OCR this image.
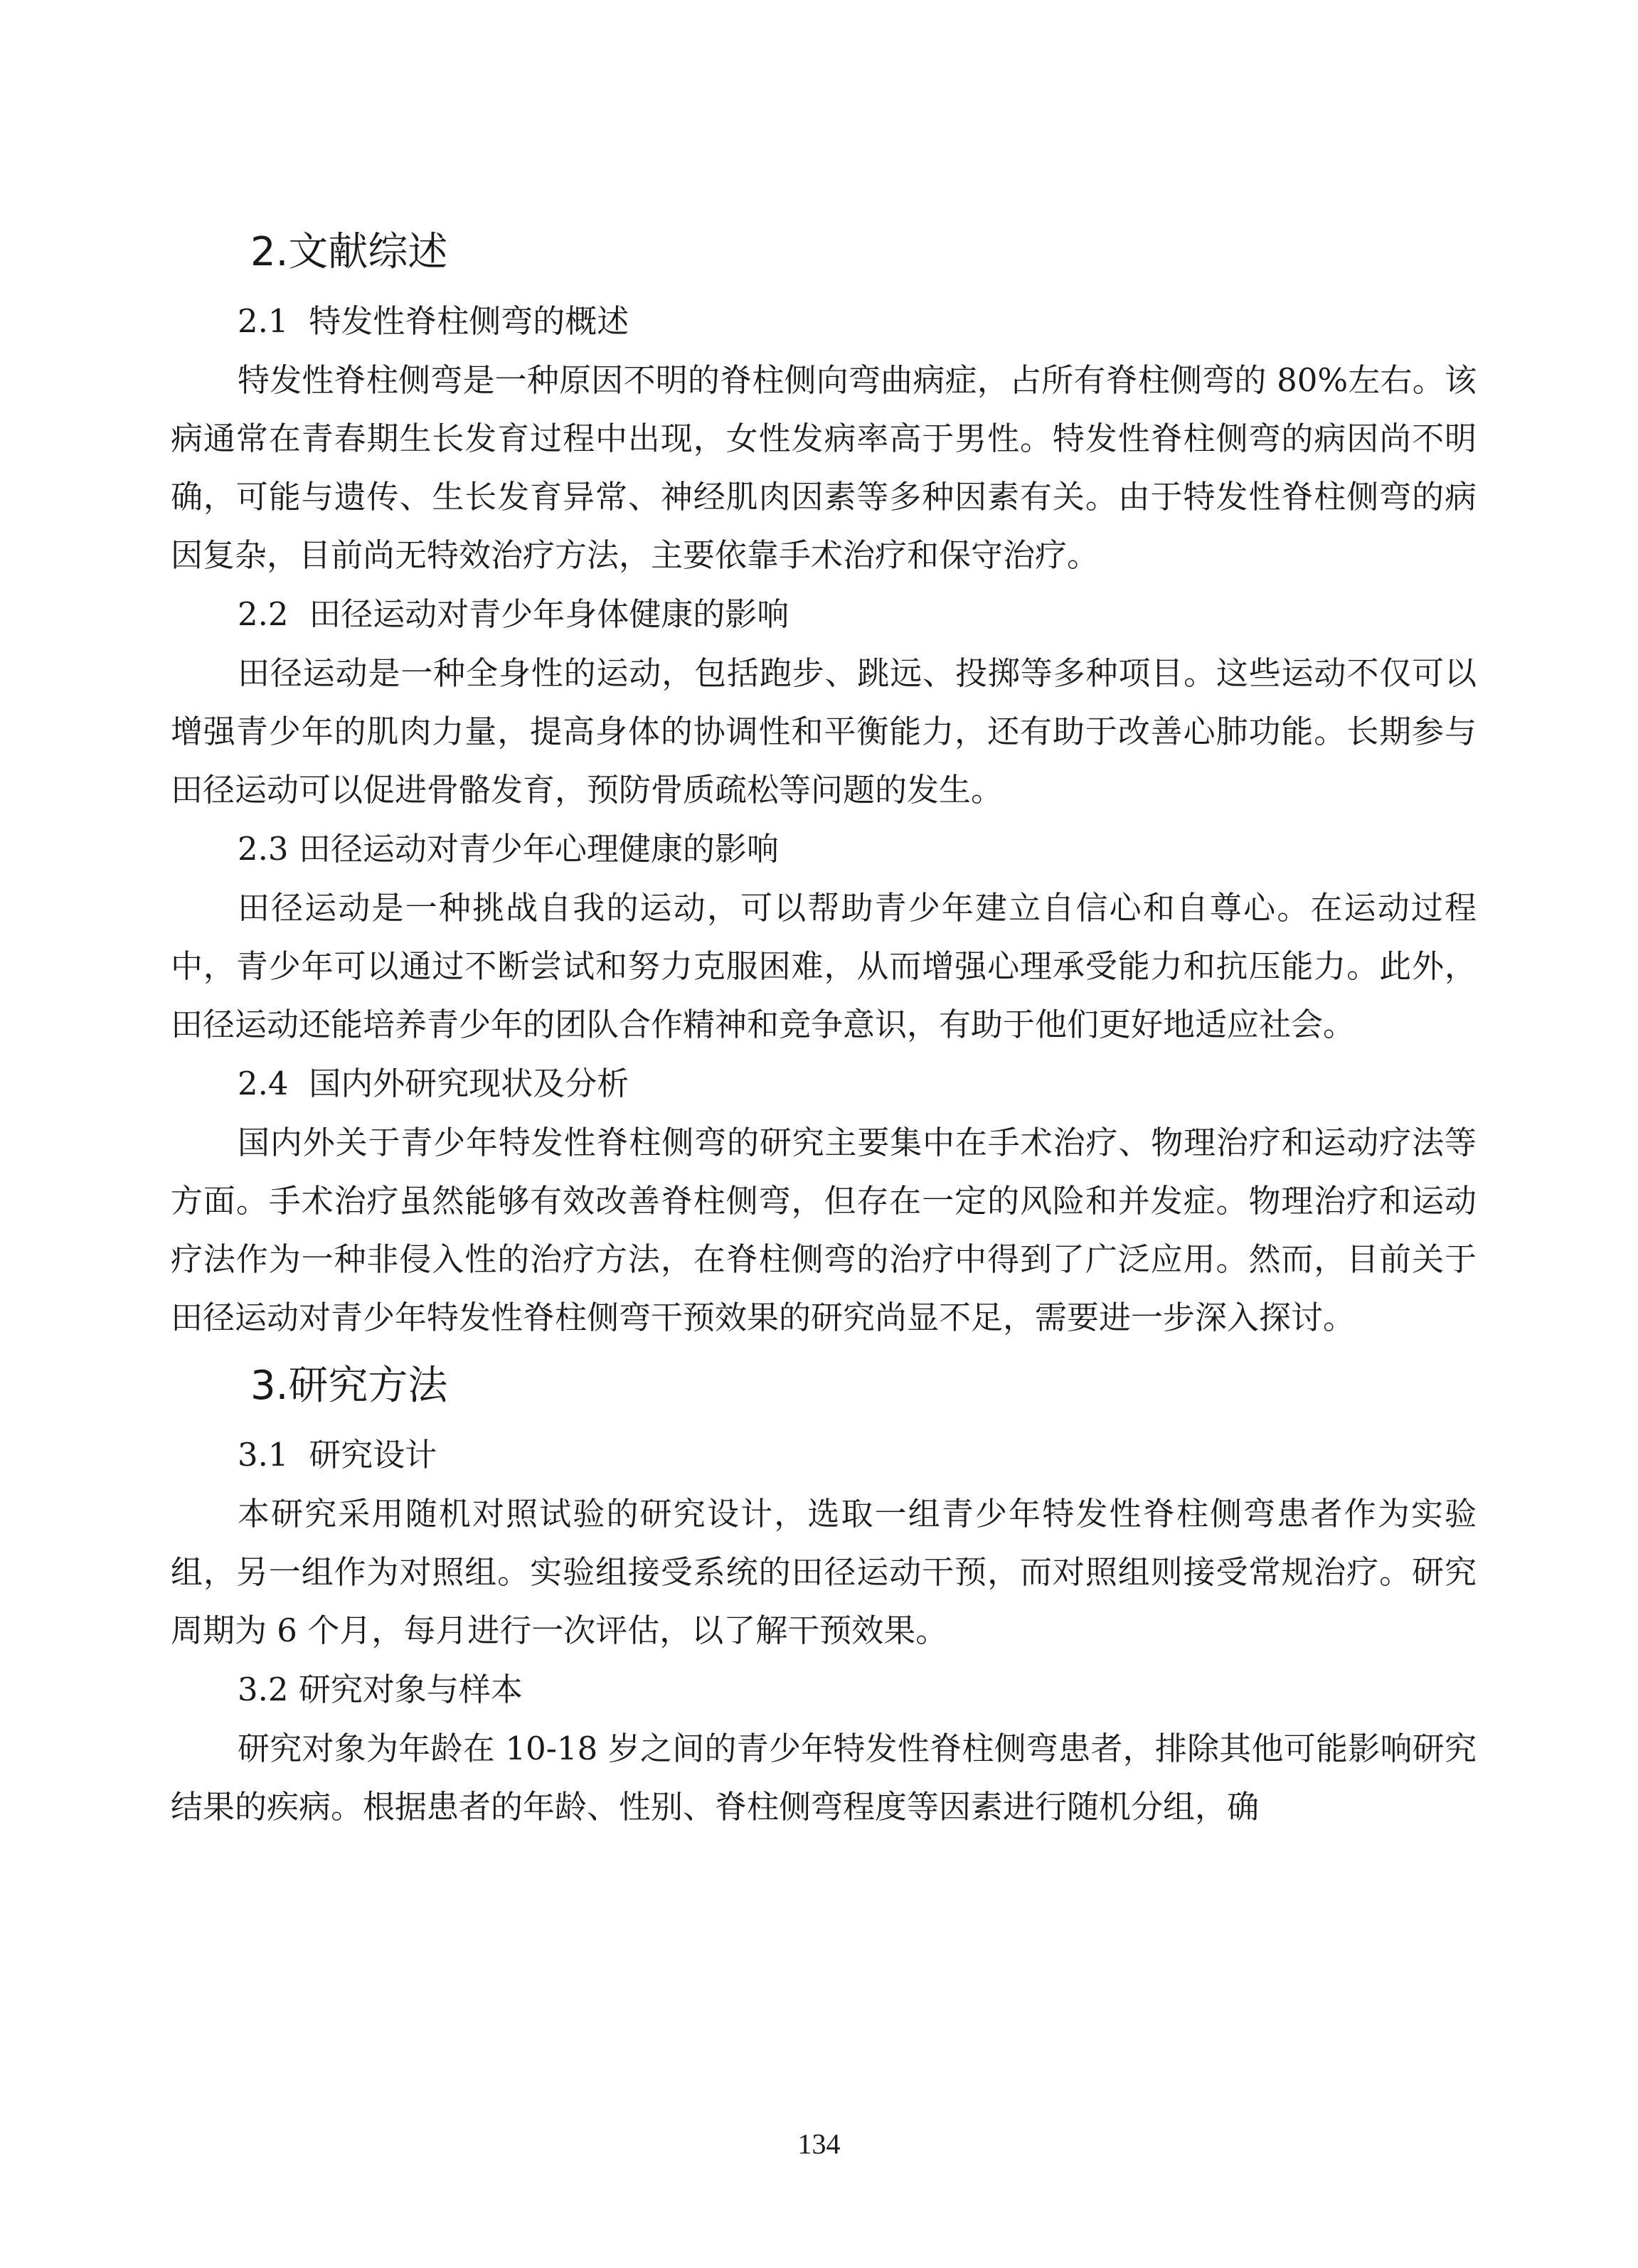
2.文献综述
2.1 特发性脊柱侧弯的概述

特发性脊柱侧弯是一种原因不明的脊柱侧向弯曲病症，占所有脊柱侧弯的 80%左右。该病通常在青春期生长发育过程中出现，女性发病率高于男性。特发性脊柱侧弯的病因尚不明确，可能与遗传、生长发育异常、神经肌肉因素等多种因素有关。由于特发性脊柱侧弯的病因复杂，目前尚无特效治疗方法，主要依靠手术治疗和保守治疗。

2.2 田径运动对青少年身体健康的影响

田径运动是一种全身性的运动，包括跑步、跳远、投掷等多种项目。这些运动不仅可以增强青少年的肌肉力量，提高身体的协调性和平衡能力，还有助于改善心肺功能。长期参与田径运动可以促进骨骼发育，预防骨质疏松等问题的发生。

2.3 田径运动对青少年心理健康的影响

田径运动是一种挑战自我的运动，可以帮助青少年建立自信心和自尊心。在运动过程中，青少年可以通过不断尝试和努力克服困难，从而增强心理承受能力和抗压能力。此外，田径运动还能培养青少年的团队合作精神和竞争意识，有助于他们更好地适应社会。

2.4 国内外研究现状及分析

国内外关于青少年特发性脊柱侧弯的研究主要集中在手术治疗、物理治疗和运动疗法等方面。手术治疗虽然能够有效改善脊柱侧弯，但存在一定的风险和并发症。物理治疗和运动疗法作为一种非侵入性的治疗方法，在脊柱侧弯的治疗中得到了广泛应用。然而，目前关于田径运动对青少年特发性脊柱侧弯干预效果的研究尚显不足，需要进一步深入探讨。

3.研究方法
3.1 研究设计

本研究采用随机对照试验的研究设计，选取一组青少年特发性脊柱侧弯患者作为实验组，另一组作为对照组。实验组接受系统的田径运动干预，而对照组则接受常规治疗。研究周期为 6 个月，每月进行一次评估，以了解干预效果。

3.2 研究对象与样本

研究对象为年龄在 10-18 岁之间的青少年特发性脊柱侧弯患者，排除其他可能影响研究结果的疾病。根据患者的年龄、性别、脊柱侧弯程度等因素进行随机分组，确

134
